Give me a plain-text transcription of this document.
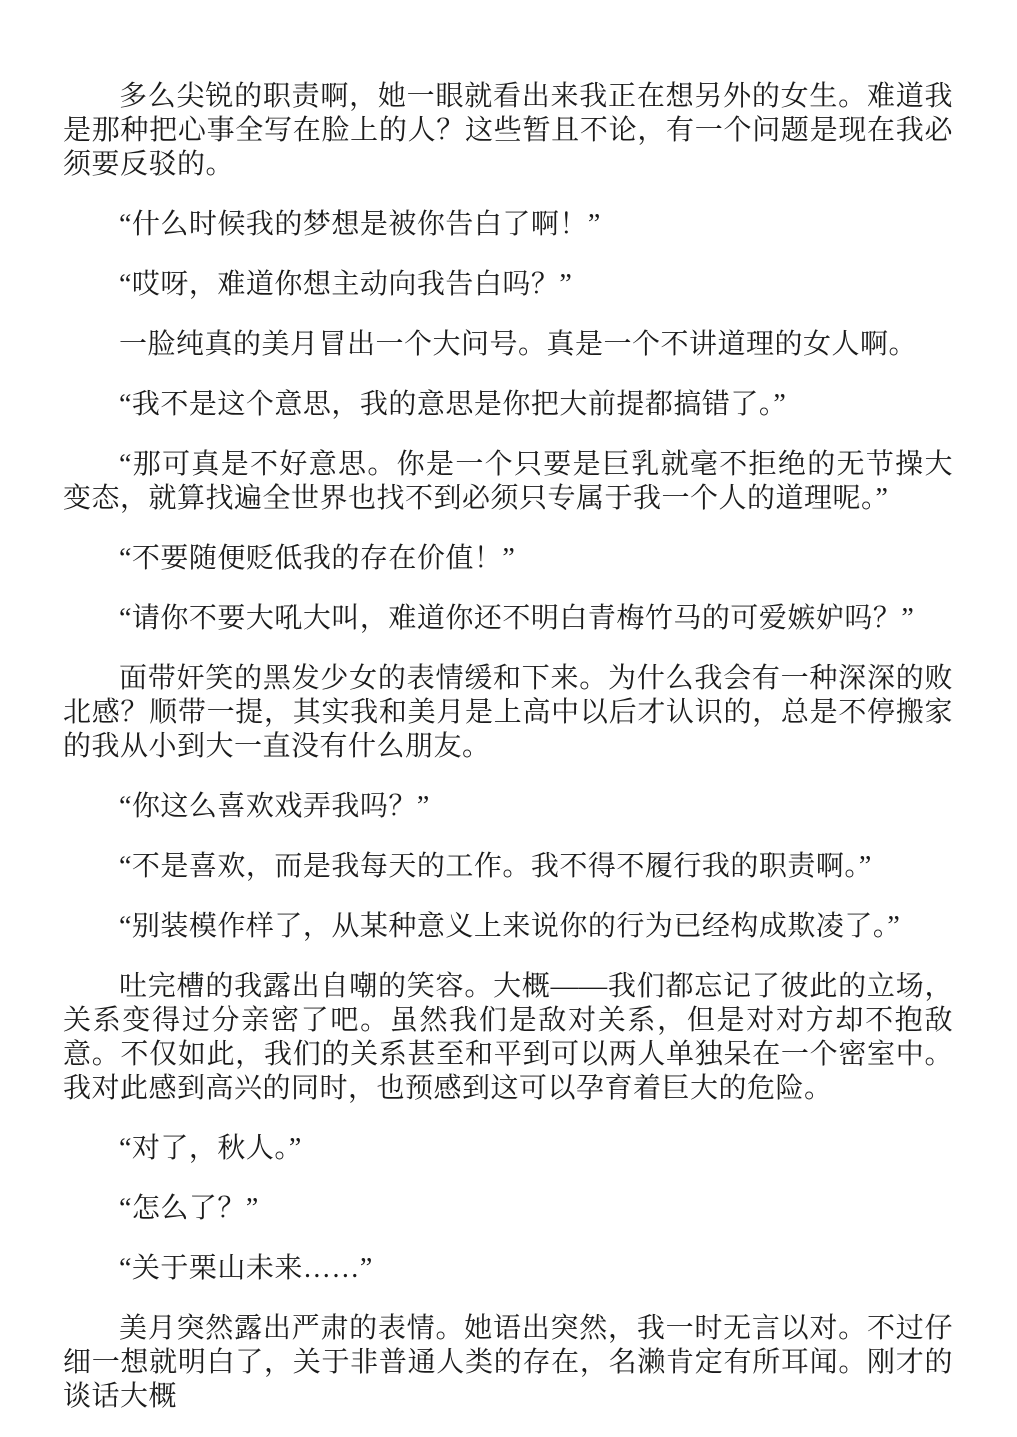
多么尖锐的职责啊，她一眼就看出来我正在想另外的女生。难道我是那种把心事全写在脸上的人？这些暂且不论，有一个问题是现在我必须要反驳的。

“什么时候我的梦想是被你告白了啊！”

“哎呀，难道你想主动向我告白吗？”

一脸纯真的美月冒出一个大问号。真是一个不讲道理的女人啊。

“我不是这个意思，我的意思是你把大前提都搞错了。”

“那可真是不好意思。你是一个只要是巨乳就毫不拒绝的无节操大变态，就算找遍全世界也找不到必须只专属于我一个人的道理呢。”

“不要随便贬低我的存在价值！”

“请你不要大吼大叫，难道你还不明白青梅竹马的可爱嫉妒吗？”

面带奸笑的黑发少女的表情缓和下来。为什么我会有一种深深的败北感？顺带一提，其实我和美月是上高中以后才认识的，总是不停搬家的我从小到大一直没有什么朋友。

“你这么喜欢戏弄我吗？”

“不是喜欢，而是我每天的工作。我不得不履行我的职责啊。”

“别装模作样了，从某种意义上来说你的行为已经构成欺凌了。”

吐完槽的我露出自嘲的笑容。大概——我们都忘记了彼此的立场，关系变得过分亲密了吧。虽然我们是敌对关系，但是对对方却不抱敌意。不仅如此，我们的关系甚至和平到可以两人单独呆在一个密室中。我对此感到高兴的同时，也预感到这可以孕育着巨大的危险。

“对了，秋人。”

“怎么了？”

“关于栗山未来……”

美月突然露出严肃的表情。她语出突然，我一时无言以对。不过仔细一想就明白了，关于非普通人类的存在，名濑肯定有所耳闻。刚才的谈话大概
